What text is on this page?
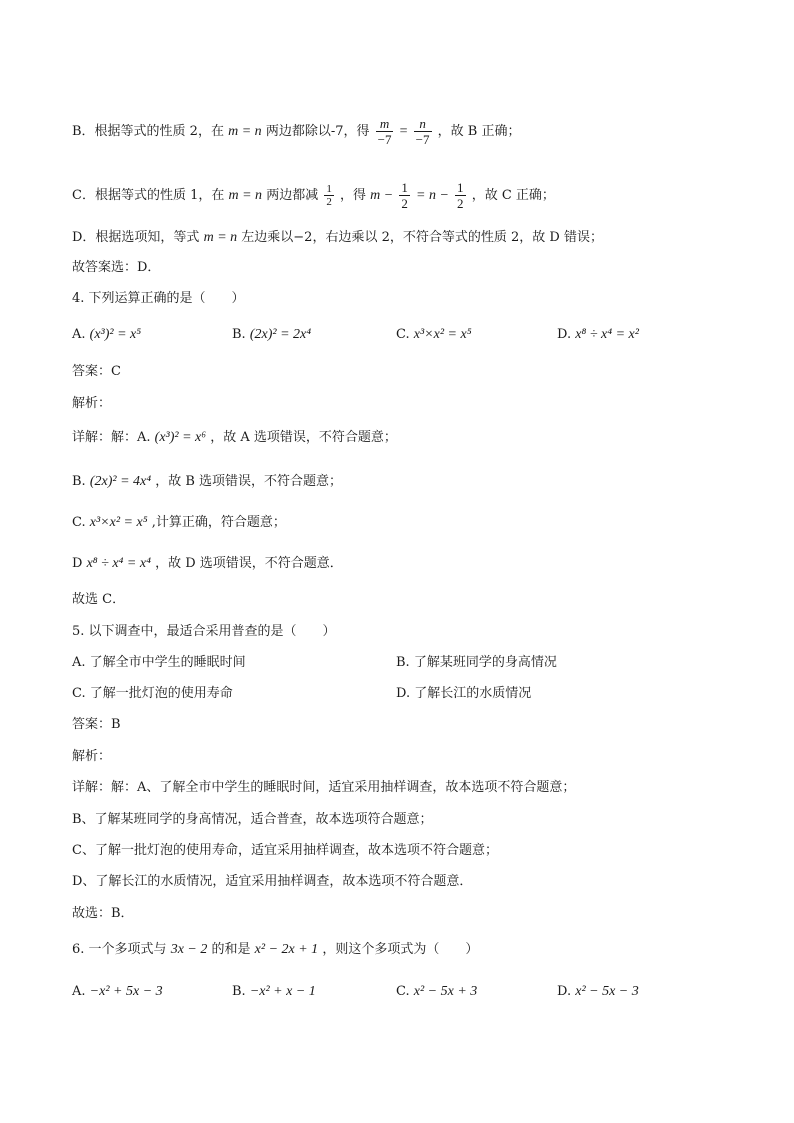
B．根据等式的性质 2，在 m = n 两边都除以-7，得 $\frac{m}{-7} = \frac{n}{-7}$ ，故 B 正确；
C．根据等式的性质 1，在 m = n 两边都减 $\frac{1}{2}$ ，得 $m - \frac{1}{2} = n - \frac{1}{2}$ ，故 C 正确；
D．根据选项知，等式 m = n 左边乘以−2，右边乘以 2，不符合等式的性质 2，故 D 错误；
故答案选：D．
4. 下列运算正确的是（　　）
A. (x³)² = x⁵	B. (2x)² = 2x⁴	C. x³×x² = x⁵	D. x⁸ ÷ x⁴ = x²
答案：C
解析：
详解：解：A. (x³)² = x⁶ ，故 A 选项错误，不符合题意；
B. (2x)² = 4x⁴ ，故 B 选项错误，不符合题意；
C. x³×x² = x⁵ ,计算正确，符合题意；
D x⁸ ÷ x⁴ = x⁴ ，故 D 选项错误，不符合题意．
故选 C．
5. 以下调查中，最适合采用普查的是（　　）
A. 了解全市中学生的睡眠时间	B. 了解某班同学的身高情况
C. 了解一批灯泡的使用寿命	D. 了解长江的水质情况
答案：B
解析：
详解：解：A、了解全市中学生的睡眠时间，适宜采用抽样调查，故本选项不符合题意；
B、了解某班同学的身高情况，适合普查，故本选项符合题意；
C、了解一批灯泡的使用寿命，适宜采用抽样调查，故本选项不符合题意；
D、了解长江的水质情况，适宜采用抽样调查，故本选项不符合题意．
故选：B．
6. 一个多项式与 3x − 2 的和是 x² − 2x + 1 ，则这个多项式为（　　）
A. −x² + 5x − 3	B. −x² + x − 1	C. x² − 5x + 3	D. x² − 5x − 3
